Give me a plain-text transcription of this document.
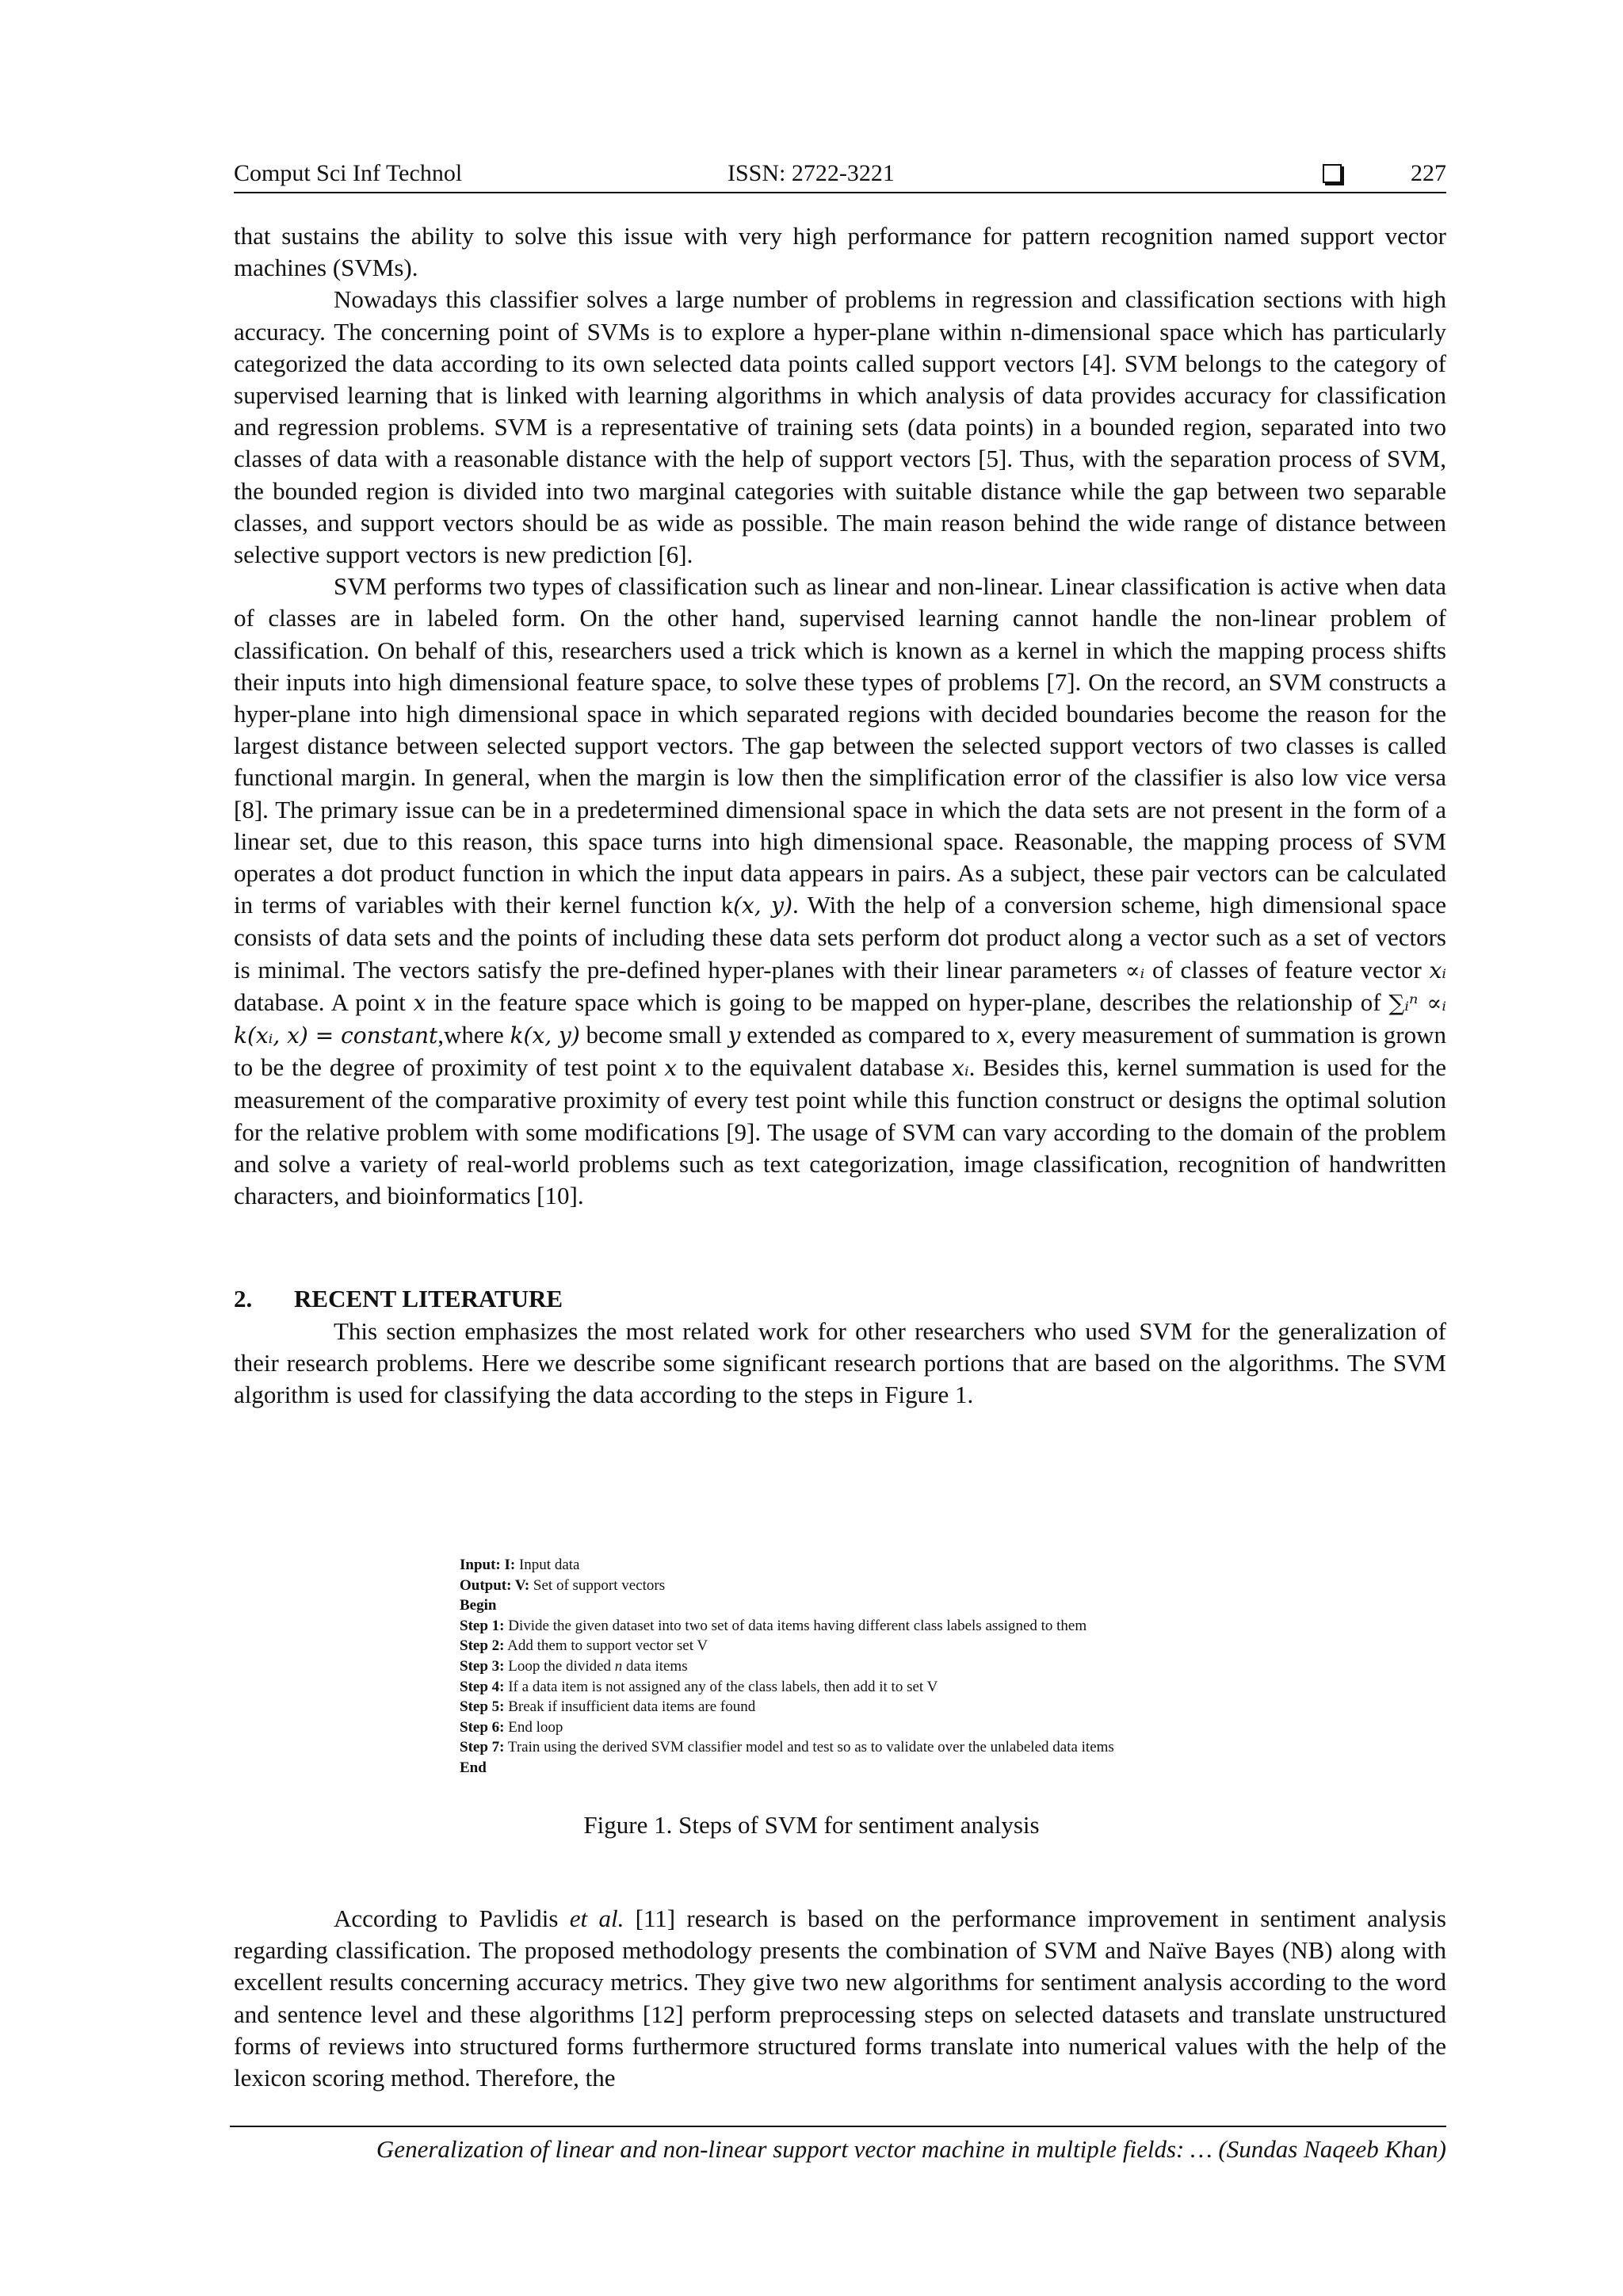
Comput Sci Inf Technol	ISSN: 2722-3221	227

that sustains the ability to solve this issue with very high performance for pattern recognition named support vector machines (SVMs).

Nowadays this classifier solves a large number of problems in regression and classification sections with high accuracy. The concerning point of SVMs is to explore a hyper-plane within n-dimensional space which has particularly categorized the data according to its own selected data points called support vectors [4]. SVM belongs to the category of supervised learning that is linked with learning algorithms in which analysis of data provides accuracy for classification and regression problems. SVM is a representative of training sets (data points) in a bounded region, separated into two classes of data with a reasonable distance with the help of support vectors [5]. Thus, with the separation process of SVM, the bounded region is divided into two marginal categories with suitable distance while the gap between two separable classes, and support vectors should be as wide as possible. The main reason behind the wide range of distance between selective support vectors is new prediction [6].

SVM performs two types of classification such as linear and non-linear. Linear classification is active when data of classes are in labeled form. On the other hand, supervised learning cannot handle the non-linear problem of classification. On behalf of this, researchers used a trick which is known as a kernel in which the mapping process shifts their inputs into high dimensional feature space, to solve these types of problems [7]. On the record, an SVM constructs a hyper-plane into high dimensional space in which separated regions with decided boundaries become the reason for the largest distance between selected support vectors. The gap between the selected support vectors of two classes is called functional margin. In general, when the margin is low then the simplification error of the classifier is also low vice versa [8]. The primary issue can be in a predetermined dimensional space in which the data sets are not present in the form of a linear set, due to this reason, this space turns into high dimensional space. Reasonable, the mapping process of SVM operates a dot product function in which the input data appears in pairs. As a subject, these pair vectors can be calculated in terms of variables with their kernel function k(x, y). With the help of a conversion scheme, high dimensional space consists of data sets and the points of including these data sets perform dot product along a vector such as a set of vectors is minimal. The vectors satisfy the pre-defined hyper-planes with their linear parameters ∝ᵢ of classes of feature vector xᵢ database. A point x in the feature space which is going to be mapped on hyper-plane, describes the relationship of ∑ᵢⁿ ∝ᵢ k(xᵢ, x) = constant,where k(x, y) become small y extended as compared to x, every measurement of summation is grown to be the degree of proximity of test point x to the equivalent database xᵢ. Besides this, kernel summation is used for the measurement of the comparative proximity of every test point while this function construct or designs the optimal solution for the relative problem with some modifications [9]. The usage of SVM can vary according to the domain of the problem and solve a variety of real-world problems such as text categorization, image classification, recognition of handwritten characters, and bioinformatics [10].

2. RECENT LITERATURE

This section emphasizes the most related work for other researchers who used SVM for the generalization of their research problems. Here we describe some significant research portions that are based on the algorithms. The SVM algorithm is used for classifying the data according to the steps in Figure 1.

Input: I: Input data
Output: V: Set of support vectors
Begin
Step 1: Divide the given dataset into two set of data items having different class labels assigned to them
Step 2: Add them to support vector set V
Step 3: Loop the divided n data items
Step 4: If a data item is not assigned any of the class labels, then add it to set V
Step 5: Break if insufficient data items are found
Step 6: End loop
Step 7: Train using the derived SVM classifier model and test so as to validate over the unlabeled data items
End
Figure 1. Steps of SVM for sentiment analysis

According to Pavlidis et al. [11] research is based on the performance improvement in sentiment analysis regarding classification. The proposed methodology presents the combination of SVM and Naïve Bayes (NB) along with excellent results concerning accuracy metrics. They give two new algorithms for sentiment analysis according to the word and sentence level and these algorithms [12] perform preprocessing steps on selected datasets and translate unstructured forms of reviews into structured forms furthermore structured forms translate into numerical values with the help of the lexicon scoring method. Therefore, the

Generalization of linear and non-linear support vector machine in multiple fields: … (Sundas Naqeeb Khan)
